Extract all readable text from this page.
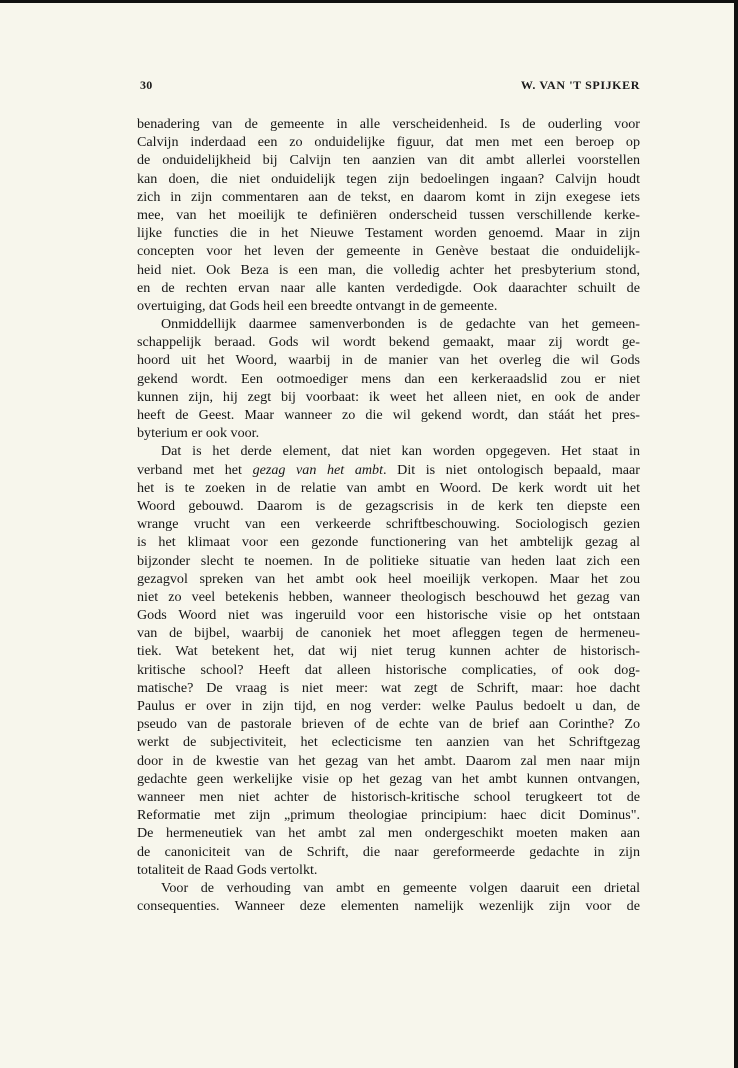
30	W. VAN 'T SPIJKER
benadering van de gemeente in alle verscheidenheid. Is de ouderling voor
Calvijn inderdaad een zo onduidelijke figuur, dat men met een beroep op
de onduidelijkheid bij Calvijn ten aanzien van dit ambt allerlei voorstellen
kan doen, die niet onduidelijk tegen zijn bedoelingen ingaan? Calvijn houdt
zich in zijn commentaren aan de tekst, en daarom komt in zijn exegese iets
mee, van het moeilijk te definiëren onderscheid tussen verschillende kerke-
lijke functies die in het Nieuwe Testament worden genoemd. Maar in zijn
concepten voor het leven der gemeente in Genève bestaat die onduidelijk-
heid niet. Ook Beza is een man, die volledig achter het presbyterium stond,
en de rechten ervan naar alle kanten verdedigde. Ook daarachter schuilt de
overtuiging, dat Gods heil een breedte ontvangt in de gemeente.
Onmiddellijk daarmee samenverbonden is de gedachte van het gemeen-
schappelijk beraad. Gods wil wordt bekend gemaakt, maar zij wordt ge-
hoord uit het Woord, waarbij in de manier van het overleg die wil Gods
gekend wordt. Een ootmoediger mens dan een kerkeraadslid zou er niet
kunnen zijn, hij zegt bij voorbaat: ik weet het alleen niet, en ook de ander
heeft de Geest. Maar wanneer zo die wil gekend wordt, dan stáát het pres-
byterium er ook voor.
Dat is het derde element, dat niet kan worden opgegeven. Het staat in
verband met het gezag van het ambt. Dit is niet ontologisch bepaald, maar
het is te zoeken in de relatie van ambt en Woord. De kerk wordt uit het
Woord gebouwd. Daarom is de gezagscrisis in de kerk ten diepste een
wrange vrucht van een verkeerde schriftbeschouwing. Sociologisch gezien
is het klimaat voor een gezonde functionering van het ambtelijk gezag al
bijzonder slecht te noemen. In de politieke situatie van heden laat zich een
gezagvol spreken van het ambt ook heel moeilijk verkopen. Maar het zou
niet zo veel betekenis hebben, wanneer theologisch beschouwd het gezag van
Gods Woord niet was ingeruild voor een historische visie op het ontstaan
van de bijbel, waarbij de canoniek het moet afleggen tegen de hermeneu-
tiek. Wat betekent het, dat wij niet terug kunnen achter de historisch-
kritische school? Heeft dat alleen historische complicaties, of ook dog-
matische? De vraag is niet meer: wat zegt de Schrift, maar: hoe dacht
Paulus er over in zijn tijd, en nog verder: welke Paulus bedoelt u dan, de
pseudo van de pastorale brieven of de echte van de brief aan Corinthe? Zo
werkt de subjectiviteit, het eclecticisme ten aanzien van het Schriftgezag
door in de kwestie van het gezag van het ambt. Daarom zal men naar mijn
gedachte geen werkelijke visie op het gezag van het ambt kunnen ontvangen,
wanneer men niet achter de historisch-kritische school terugkeert tot de
Reformatie met zijn „primum theologiae principium: haec dicit Dominus".
De hermeneutiek van het ambt zal men ondergeschikt moeten maken aan
de canoniciteit van de Schrift, die naar gereformeerde gedachte in zijn
totaliteit de Raad Gods vertolkt.
Voor de verhouding van ambt en gemeente volgen daaruit een drietal
consequenties. Wanneer deze elementen namelijk wezenlijk zijn voor de
